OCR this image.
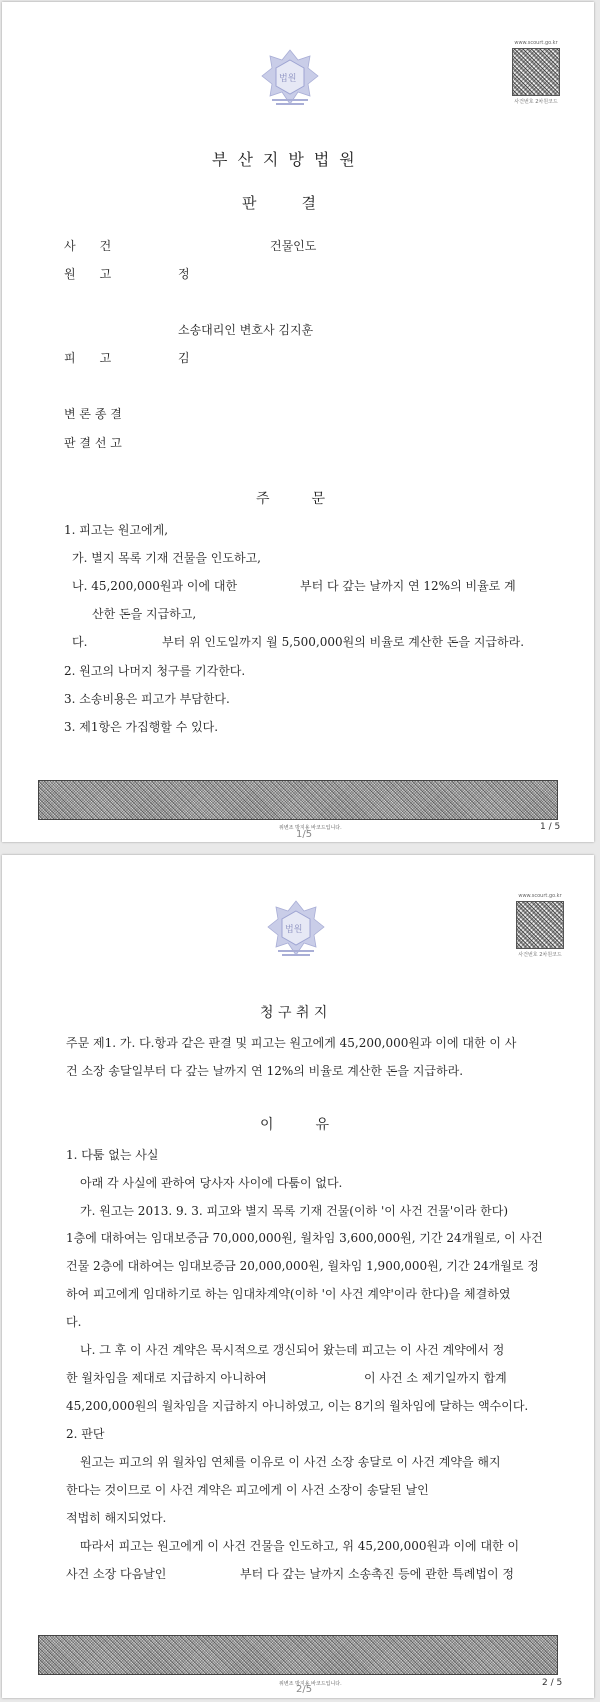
법원
www.scourt.go.kr
사건번호 2차원코드
부산지방법원
판　　　결
사　　건	건물인도
원　　고	정
소송대리인 변호사 김지훈
피　　고	김
변 론 종 결
판 결 선 고
주　　　문
1. 피고는 원고에게,
가. 별지 목록 기재 건물을 인도하고,
나. 45,200,000원과 이에 대한	부터 다 갚는 날까지 연 12%의 비율로 계
산한 돈을 지급하고,
다.	부터 위 인도일까지 월 5,500,000원의 비율로 계산한 돈을 지급하라.
2. 원고의 나머지 청구를 기각한다.
3. 소송비용은 피고가 부담한다.
3. 제1항은 가집행할 수 있다.
위변조 방지용 바코드입니다.
1/5
1 / 5
법원
www.scourt.go.kr
사건번호 2차원코드
청 구 취 지
주문 제1. 가. 다.항과 같은 판결 및 피고는 원고에게 45,200,000원과 이에 대한 이 사
건 소장 송달일부터 다 갚는 날까지 연 12%의 비율로 계산한 돈을 지급하라.
이　　　유
1. 다툼 없는 사실
아래 각 사실에 관하여 당사자 사이에 다툼이 없다.
가. 원고는 2013. 9. 3. 피고와 별지 목록 기재 건물(이하 '이 사건 건물'이라 한다)
1층에 대하여는 임대보증금 70,000,000원, 월차임 3,600,000원, 기간 24개월로, 이 사건
건물 2층에 대하여는 임대보증금 20,000,000원, 월차임 1,900,000원, 기간 24개월로 정
하여 피고에게 임대하기로 하는 임대차계약(이하 '이 사건 계약'이라 한다)을 체결하였
다.
나. 그 후 이 사건 계약은 묵시적으로 갱신되어 왔는데 피고는 이 사건 계약에서 정
한 월차임을 제대로 지급하지 아니하여	이 사건 소 제기일까지 합계
45,200,000원의 월차임을 지급하지 아니하였고, 이는 8기의 월차임에 달하는 액수이다.
2. 판단
원고는 피고의 위 월차임 연체를 이유로 이 사건 소장 송달로 이 사건 계약을 해지
한다는 것이므로 이 사건 계약은 피고에게 이 사건 소장이 송달된 날인
적법히 해지되었다.
따라서 피고는 원고에게 이 사건 건물을 인도하고, 위 45,200,000원과 이에 대한 이
사건 소장 다음날인	부터 다 갚는 날까지 소송촉진 등에 관한 특례법이 정
위변조 방지용 바코드입니다.
2/5
2 / 5
